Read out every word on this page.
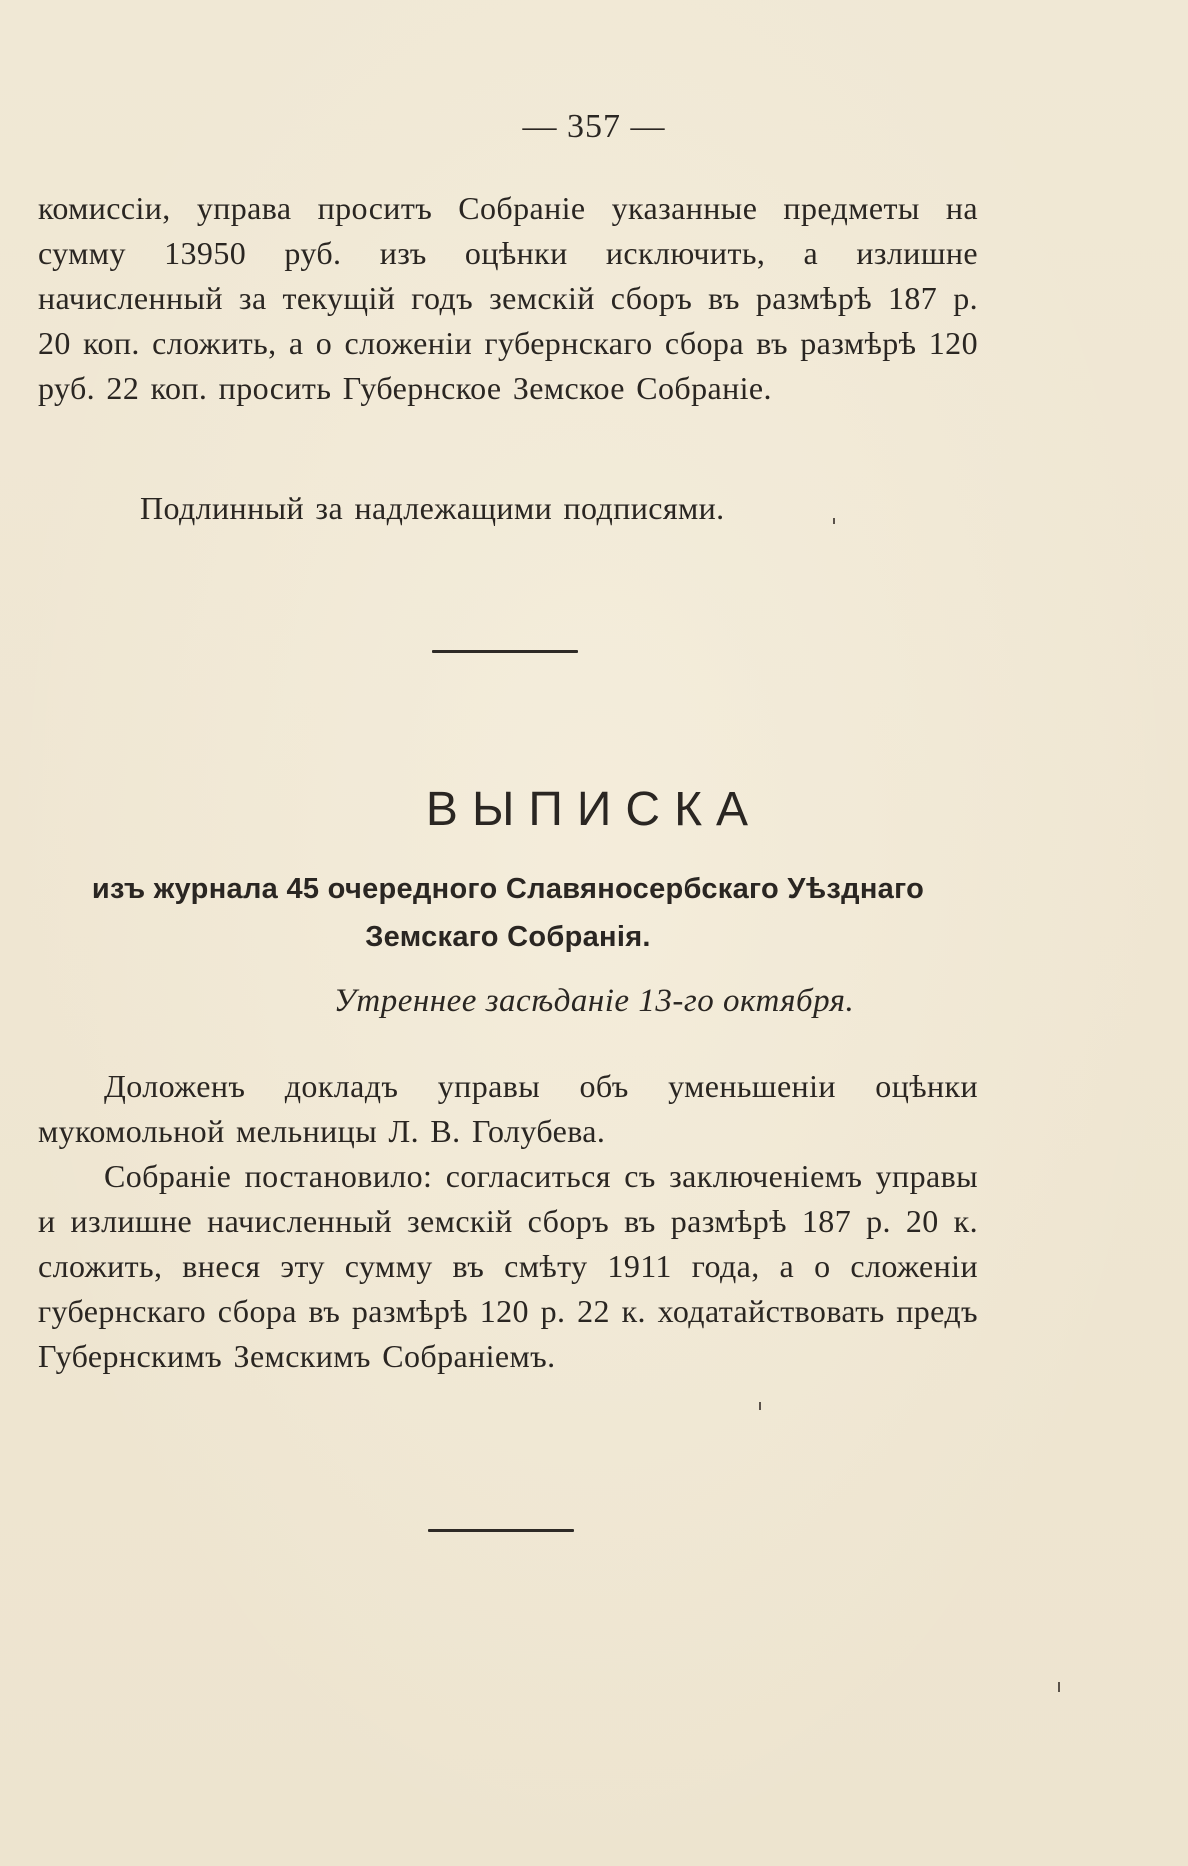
— 357 —

комиссiи, управа проситъ Собранiе указанные предметы на сумму 13950 руб. изъ оцѣнки исключить, а излишне начисленный за текущiй годъ земскiй сборъ въ размѣрѣ 187 р. 20 коп. сложить, а о сложенiи губернскаго сбора въ размѣрѣ 120 руб. 22 коп. просить Губернское Земское Собранiе.

Подлинный за надлежащими подписями.

ВЫПИСКА

изъ журнала 45 очередного Славяносербскаго Уѣзднаго Земскаго Собранiя.

Утреннее засѣданiе 13-го октября.

Доложенъ докладъ управы объ уменьшенiи оцѣнки мукомольной мельницы Л. В. Голубева.

Собранiе постановило: согласиться съ заключенiемъ управы и излишне начисленный земскiй сборъ въ размѣрѣ 187 р. 20 к. сложить, внеся эту сумму въ смѣту 1911 года, а о сложенiи губернскаго сбора въ размѣрѣ 120 р. 22 к. ходатайствовать предъ Губернскимъ Земскимъ Собранiемъ.
